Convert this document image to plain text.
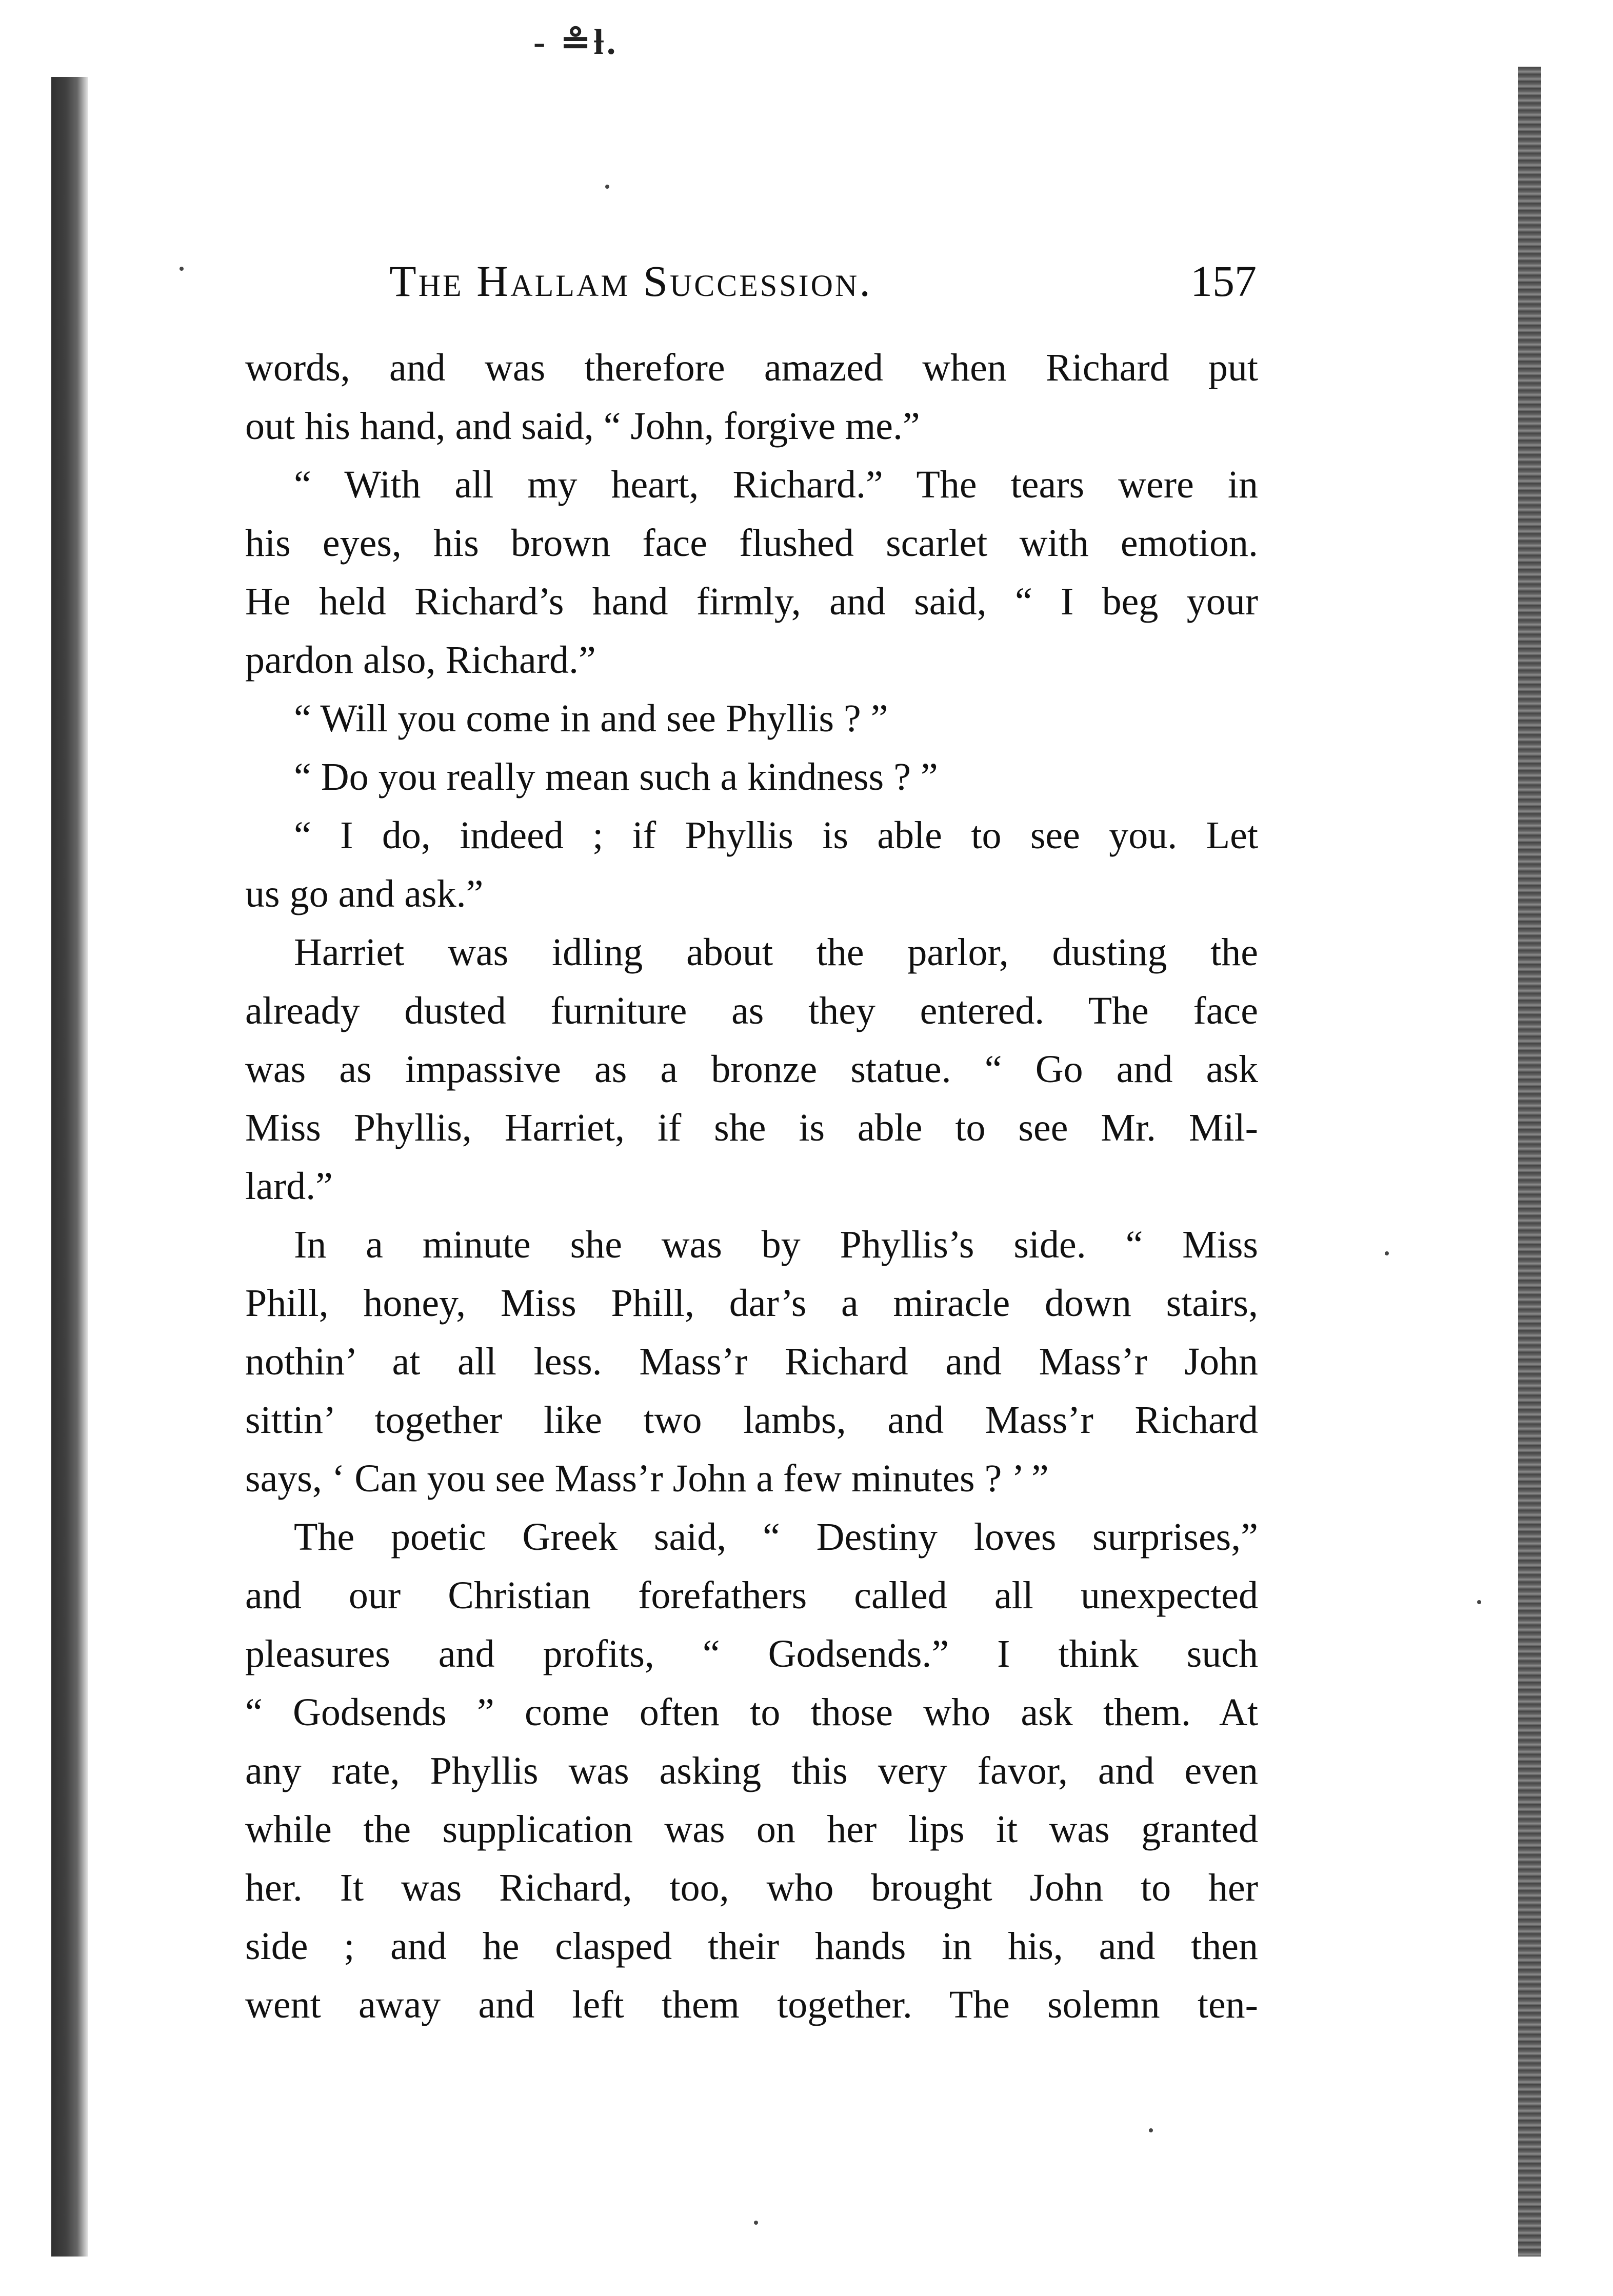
- ≗ƚ.
The Hallam Succession.	157
words, and was therefore amazed when Richard put
out his hand, and said, “ John, forgive me.”
“ With all my heart, Richard.” The tears were in
his eyes, his brown face flushed scarlet with emotion.
He held Richard’s hand firmly, and said, “ I beg your
pardon also, Richard.”
“ Will you come in and see Phyllis ? ”
“ Do you really mean such a kindness ? ”
“ I do, indeed ; if Phyllis is able to see you. Let
us go and ask.”
Harriet was idling about the parlor, dusting the
already dusted furniture as they entered. The face
was as impassive as a bronze statue. “ Go and ask
Miss Phyllis, Harriet, if she is able to see Mr. Mil-
lard.”
In a minute she was by Phyllis’s side. “ Miss
Phill, honey, Miss Phill, dar’s a miracle down stairs,
nothin’ at all less. Mass’r Richard and Mass’r John
sittin’ together like two lambs, and Mass’r Richard
says, ‘ Can you see Mass’r John a few minutes ? ’ ”
The poetic Greek said, “ Destiny loves surprises,”
and our Christian forefathers called all unexpected
pleasures and profits, “ Godsends.” I think such
“ Godsends ” come often to those who ask them. At
any rate, Phyllis was asking this very favor, and even
while the supplication was on her lips it was granted
her. It was Richard, too, who brought John to her
side ; and he clasped their hands in his, and then
went away and left them together. The solemn ten-
